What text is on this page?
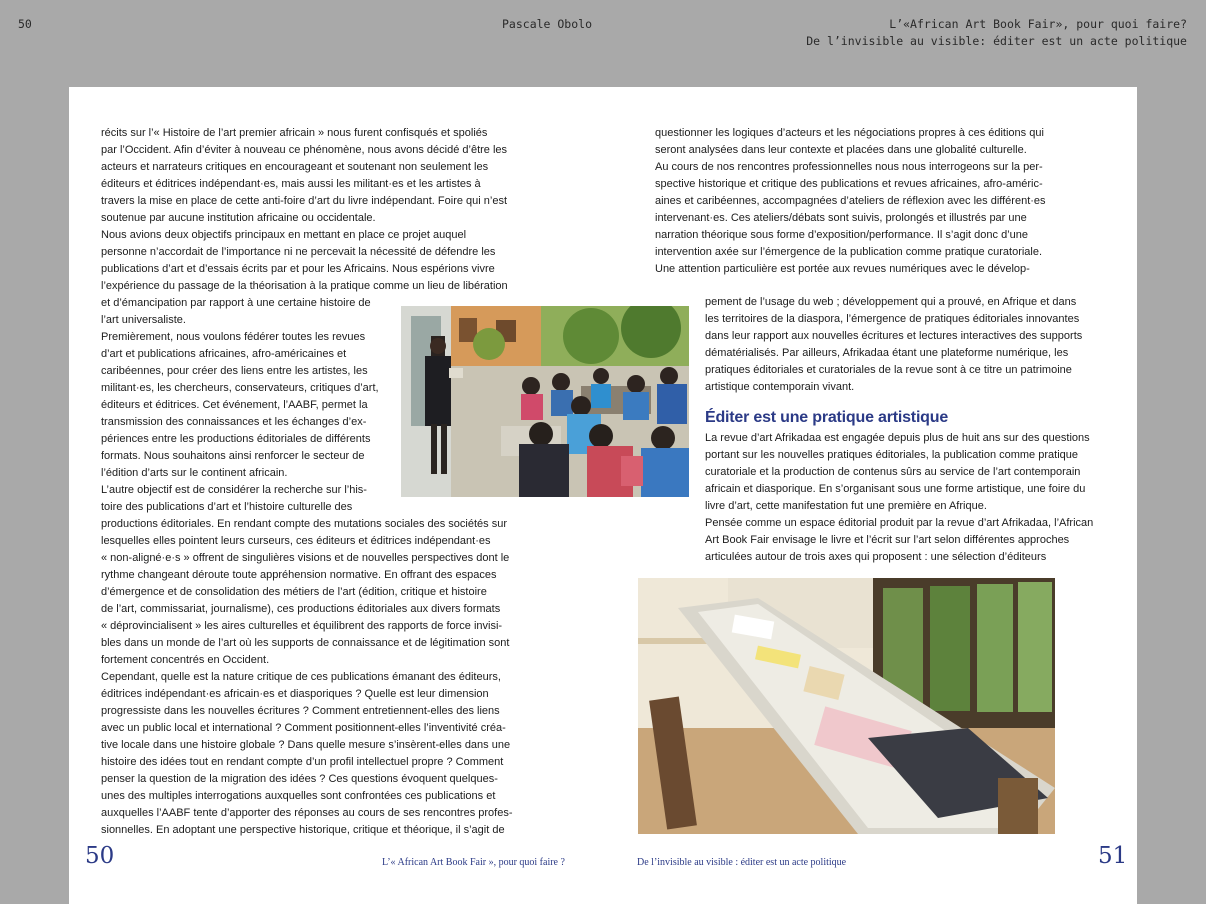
50	Pascale Obolo	L’«African Art Book Fair», pour quoi faire?
De l’invisible au visible: éditer est un acte politique
récits sur l’« Histoire de l’art premier africain » nous furent confisqués et spoliés
par l’Occident. Afin d’éviter à nouveau ce phénomène, nous avons décidé d’être les
acteurs et narrateurs critiques en encourageant et soutenant non seulement les
éditeurs et éditrices indépendant·es, mais aussi les militant·es et les artistes à
travers la mise en place de cette anti-foire d’art du livre indépendant. Foire qui n’est
soutenue par aucune institution africaine ou occidentale.
Nous avions deux objectifs principaux en mettant en place ce projet auquel
personne n’accordait de l’importance ni ne percevait la nécessité de défendre les
publications d’art et d’essais écrits par et pour les Africains. Nous espérions vivre
l’expérience du passage de la théorisation à la pratique comme un lieu de libération
et d’émancipation par rapport à une certaine histoire de
l’art universaliste.
Premièrement, nous voulons fédérer toutes les revues
d’art et publications africaines, afro-américaines et
caribéennes, pour créer des liens entre les artistes, les
militant·es, les chercheurs, conservateurs, critiques d’art,
éditeurs et éditrices. Cet événement, l’AABF, permet la
transmission des connaissances et les échanges d’ex-
périences entre les productions éditoriales de différents
formats. Nous souhaitons ainsi renforcer le secteur de
l’édition d’arts sur le continent africain.
L’autre objectif est de considérer la recherche sur l’his-
toire des publications d’art et l’histoire culturelle des
productions éditoriales. En rendant compte des mutations sociales des sociétés sur
lesquelles elles pointent leurs curseurs, ces éditeurs et éditrices indépendant·es
« non-aligné·e·s » offrent de singulières visions et de nouvelles perspectives dont le
rythme changeant déroute toute appréhension normative. En offrant des espaces
d’émergence et de consolidation des métiers de l’art (édition, critique et histoire
de l’art, commissariat, journalisme), ces productions éditoriales aux divers formats
« déprovincialisent » les aires culturelles et équilibrent des rapports de force invisi-
bles dans un monde de l’art où les supports de connaissance et de légitimation sont
fortement concentrés en Occident.
Cependant, quelle est la nature critique de ces publications émanant des éditeurs,
éditrices indépendant·es africain·es et diasporiques ? Quelle est leur dimension
progressiste dans les nouvelles écritures ? Comment entretiennent-elles des liens
avec un public local et international ? Comment positionnent-elles l’inventivité créa-
tive locale dans une histoire globale ? Dans quelle mesure s’insèrent-elles dans une
histoire des idées tout en rendant compte d’un profil intellectuel propre ? Comment
penser la question de la migration des idées ? Ces questions évoquent quelques-
unes des multiples interrogations auxquelles sont confrontées ces publications et
auxquelles l’AABF tente d’apporter des réponses au cours de ses rencontres profes-
sionnelles. En adoptant une perspective historique, critique et théorique, il s’agit de
questionner les logiques d’acteurs et les négociations propres à ces éditions qui
seront analysées dans leur contexte et placées dans une globalité culturelle.
Au cours de nos rencontres professionnelles nous nous interrogeons sur la per-
spective historique et critique des publications et revues africaines, afro-améric-
aines et caribéennes, accompagnées d’ateliers de réflexion avec les différent·es
intervenant·es. Ces ateliers/débats sont suivis, prolongés et illustrés par une
narration théorique sous forme d’exposition/performance. Il s’agit donc d’une
intervention axée sur l’émergence de la publication comme pratique curatoriale.
Une attention particulière est portée aux revues numériques avec le dévelop-
pement de l’usage du web ; développement qui a prouvé, en Afrique et dans
les territoires de la diaspora, l’émergence de pratiques éditoriales innovantes
dans leur rapport aux nouvelles écritures et lectures interactives des supports
dématérialisés. Par ailleurs, Afrikadaa étant une plateforme numérique, les
pratiques éditoriales et curatoriales de la revue sont à ce titre un patrimoine
artistique contemporain vivant.
Éditer est une pratique artistique
La revue d’art Afrikadaa est engagée depuis plus de huit ans sur des questions
portant sur les nouvelles pratiques éditoriales, la publication comme pratique
curatoriale et la production de contenus sûrs au service de l’art contemporain
africain et diasporique. En s’organisant sous une forme artistique, une foire du
livre d’art, cette manifestation fut une première en Afrique.
Pensée comme un espace éditorial produit par la revue d’art Afrikadaa, l’African
Art Book Fair envisage le livre et l’écrit sur l’art selon différentes approches
articulées autour de trois axes qui proposent : une sélection d’éditeurs
50	L’« African Art Book Fair », pour quoi faire ?	De l’invisible au visible : éditer est un acte politique	51
